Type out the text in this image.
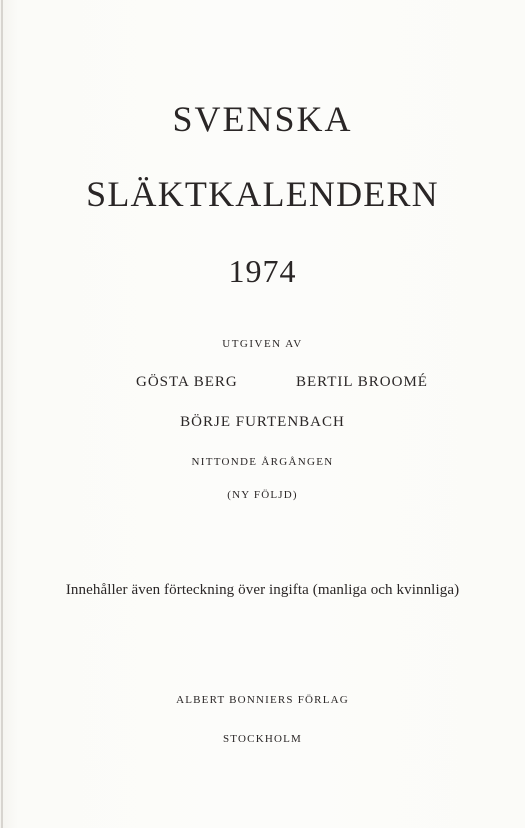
SVENSKA
SLÄKTKALENDERN
1974
UTGIVEN AV
GÖSTA BERG	BERTIL BROOMÉ
BÖRJE FURTENBACH
NITTONDE ÅRGÅNGEN
(NY FÖLJD)
Innehåller även förteckning över ingifta (manliga och kvinnliga)
ALBERT BONNIERS FÖRLAG
STOCKHOLM
